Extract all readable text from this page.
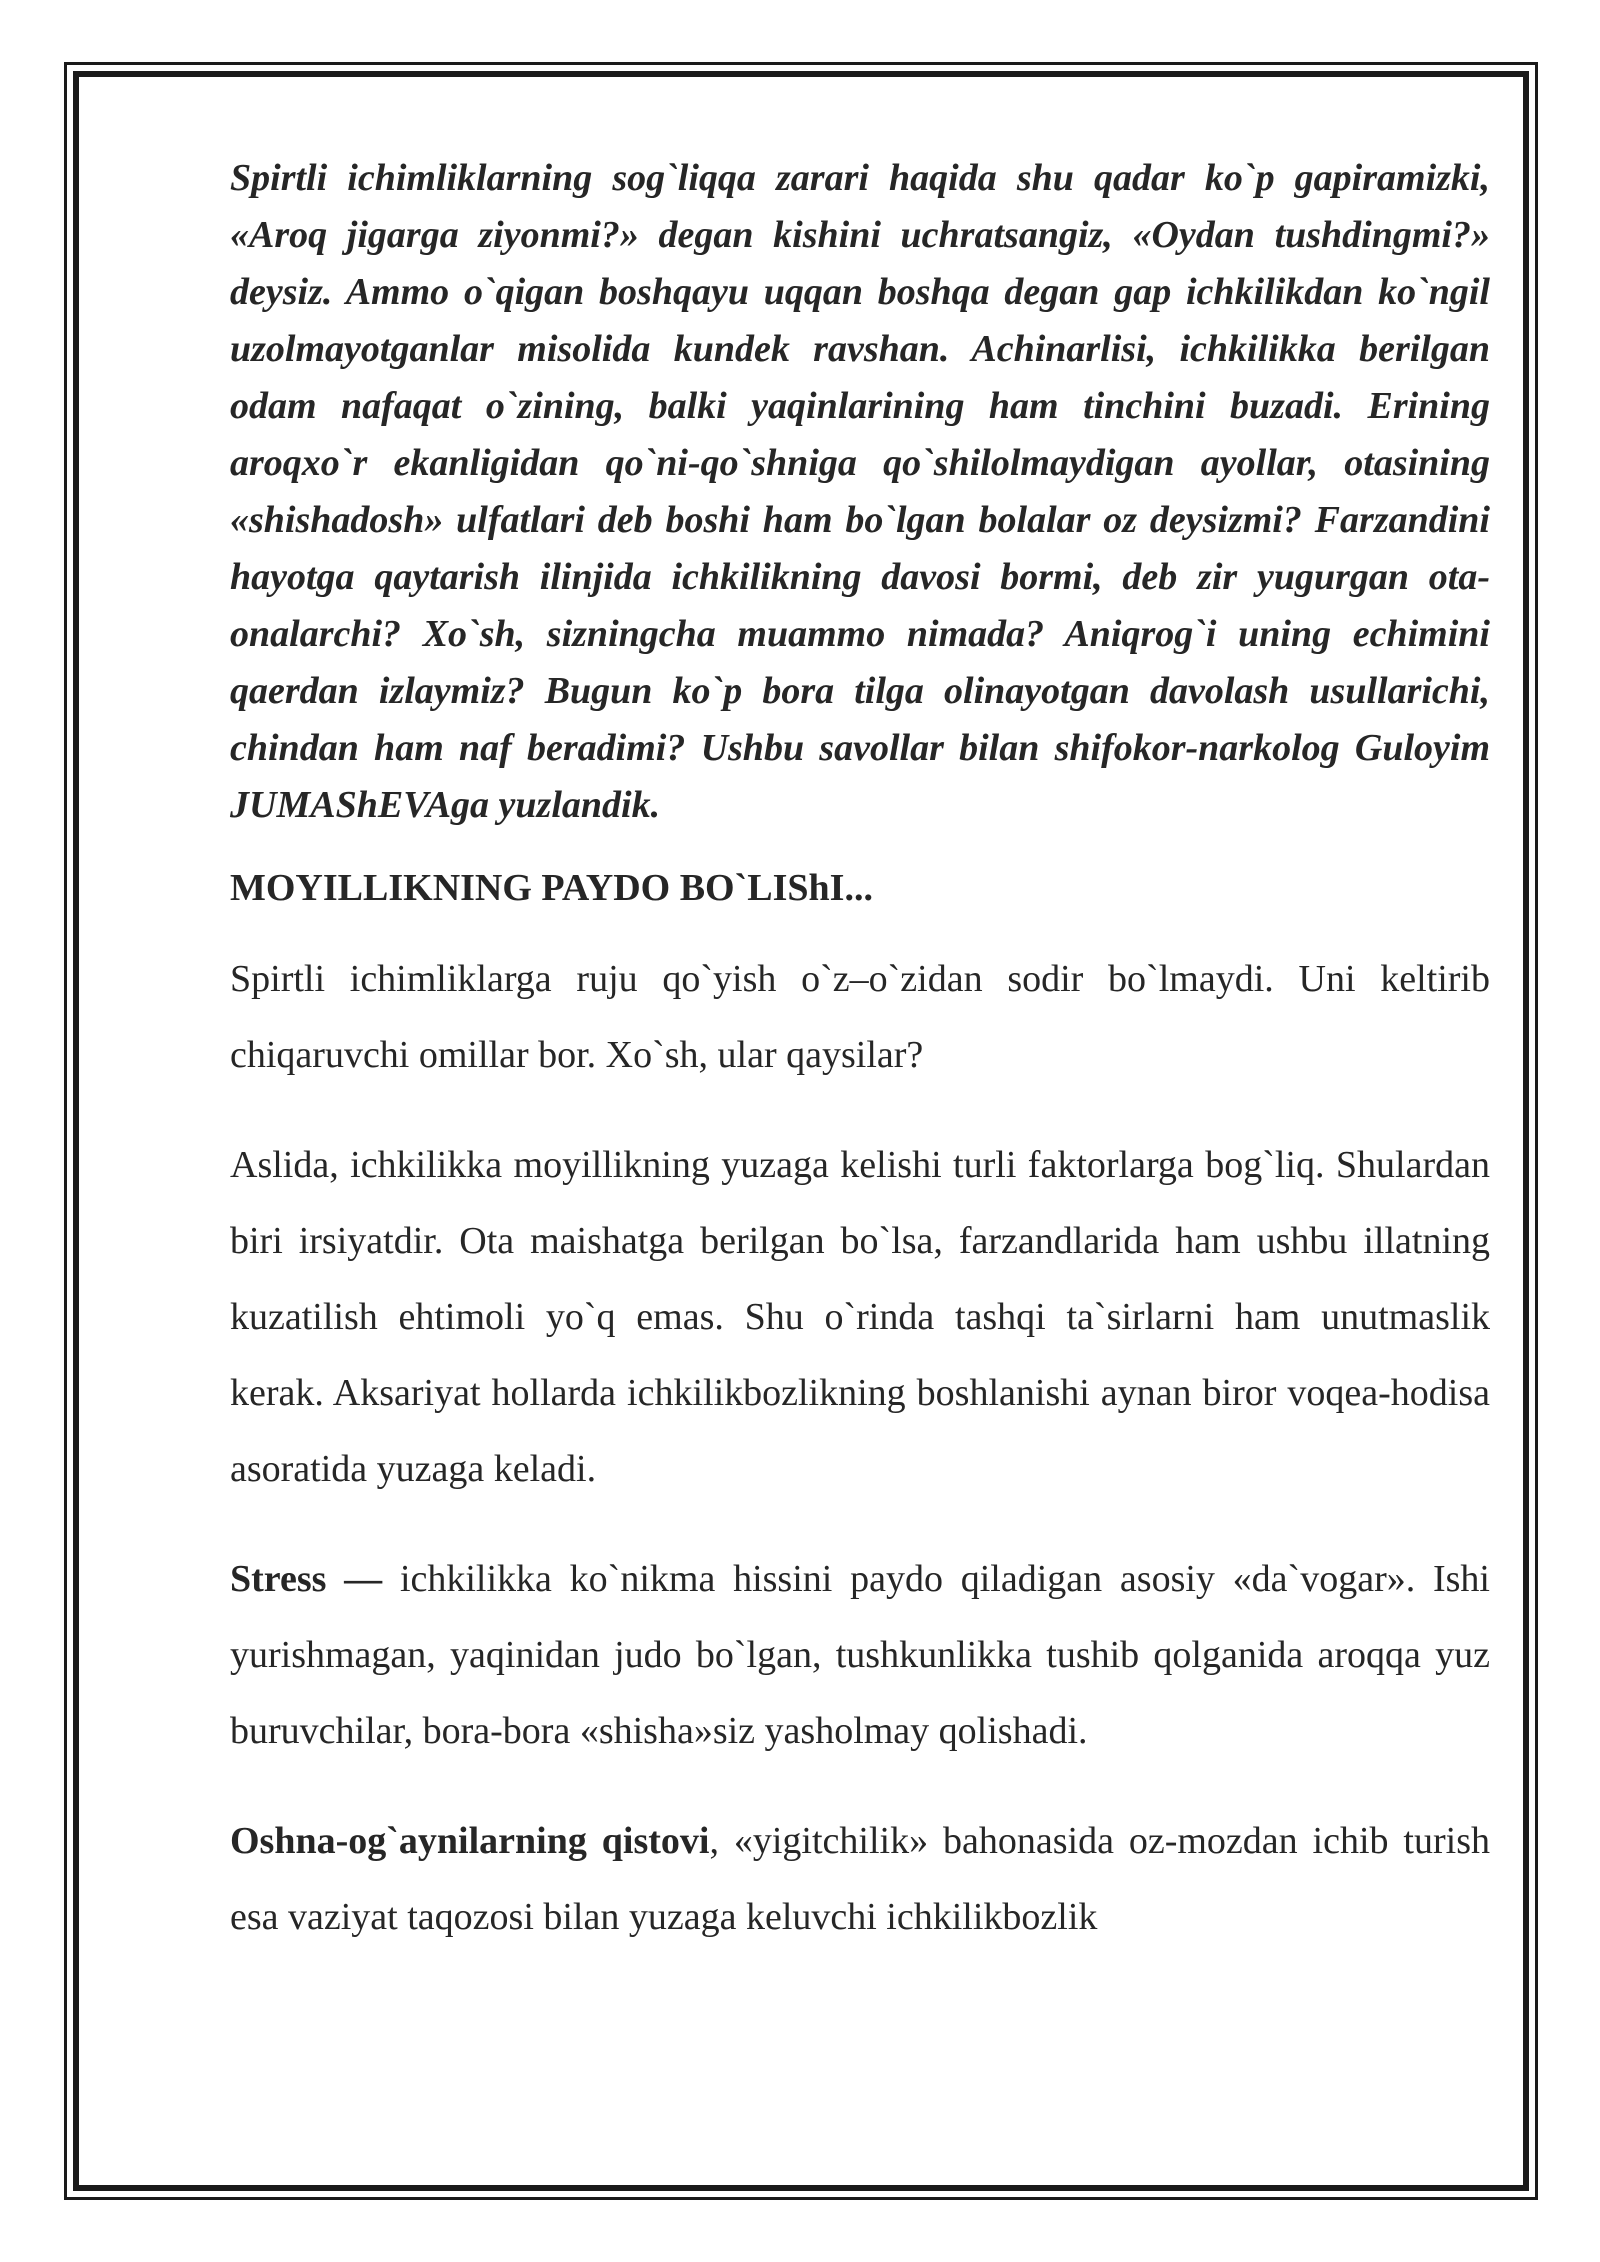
Spirtli ichimliklarning sog`liqqa zarari haqida shu qadar ko`p gapiramizki, «Aroq jigarga ziyonmi?» degan kishini uchratsangiz, «Oydan tushdingmi?» deysiz. Ammo o`qigan boshqayu uqqan boshqa degan gap ichkilikdan ko`ngil uzolmayotganlar misolida kundek ravshan. Achinarlisi, ichkilikka berilgan odam nafaqat o`zining, balki yaqinlarining ham tinchini buzadi. Erining aroqxo`r ekanligidan qo`ni-qo`shniga qo`shilolmaydigan ayollar, otasining «shishadosh» ulfatlari deb boshi ham bo`lgan bolalar oz deysizmi? Farzandini hayotga qaytarish ilinjida ichkilikning davosi bormi, deb zir yugurgan ota-onalarchi? Xo`sh, sizningcha muammo nimada? Aniqrog`i uning echimini qaerdan izlaymiz? Bugun ko`p bora tilga olinayotgan davolash usullarichi, chindan ham naf beradimi? Ushbu savollar bilan shifokor-narkolog Guloyim JUMAShEVAga yuzlandik.

MOYILLIKNING PAYDO BO`LIShI...

Spirtli ichimliklarga ruju qo`yish o`z–o`zidan sodir bo`lmaydi. Uni keltirib chiqaruvchi omillar bor. Xo`sh, ular qaysilar?

Aslida, ichkilikka moyillikning yuzaga kelishi turli faktorlarga bog`liq. Shulardan biri irsiyatdir. Ota maishatga berilgan bo`lsa, farzandlarida ham ushbu illatning kuzatilish ehtimoli yo`q emas. Shu o`rinda tashqi ta`sirlarni ham unutmaslik kerak. Aksariyat hollarda ichkilikbozlikning boshlanishi aynan biror voqea-hodisa asoratida yuzaga keladi.

Stress — ichkilikka ko`nikma hissini paydo qiladigan asosiy «da`vogar». Ishi yurishmagan, yaqinidan judo bo`lgan, tushkunlikka tushib qolganida aroqqa yuz buruvchilar, bora-bora «shisha»siz yasholmay qolishadi.

Oshna-og`aynilarning qistovi, «yigitchilik» bahonasida oz-mozdan ichib turish esa vaziyat taqozosi bilan yuzaga keluvchi ichkilikbozlik
